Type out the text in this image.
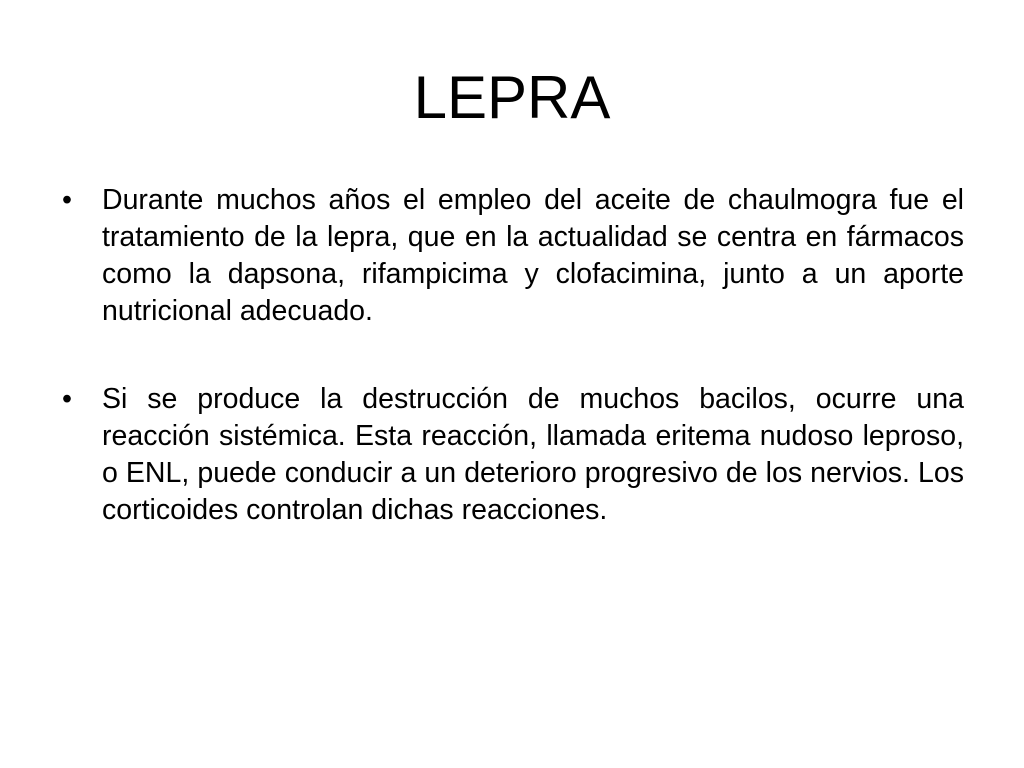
LEPRA
•	Durante muchos años el empleo del aceite de chaulmogra fue el tratamiento de la lepra, que en la actualidad se centra en fármacos como la dapsona, rifampicima y clofacimina, junto a un aporte nutricional adecuado.
•	Si se produce la destrucción de muchos bacilos, ocurre una reacción sistémica. Esta reacción, llamada eritema nudoso leproso, o ENL, puede conducir a un deterioro progresivo de los nervios. Los corticoides controlan dichas reacciones.
